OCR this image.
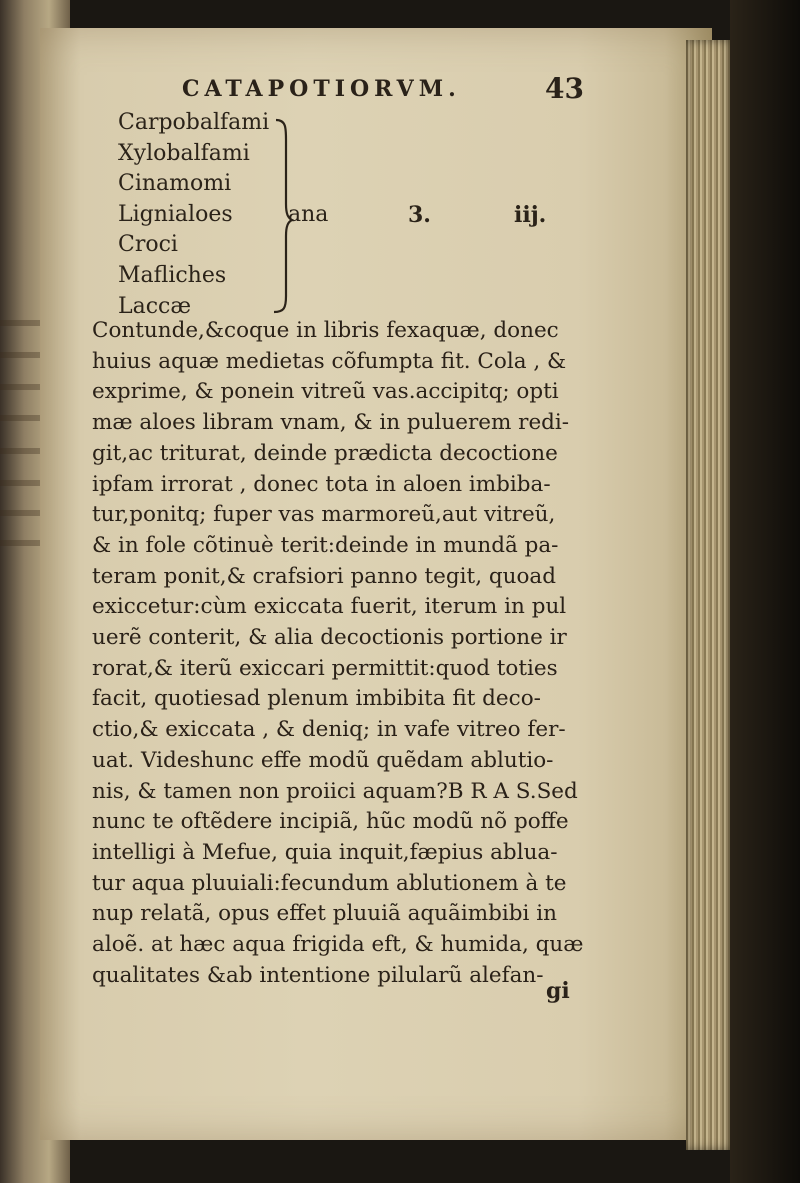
CATAPOTIORVM.	43
Carpobalfami
Xylobalfami
Cinamomi
Lignialoes
Croci
Mafliches
Laccæ
ana	3.	iij.
Contunde,&coque in libris fexaquæ, donec
huius aquæ medietas cõfumpta fit. Cola , &
exprime, & ponein vitreũ vas.accipitq; opti
mæ aloes libram vnam, & in puluerem redi-
git,ac triturat, deinde prædicta decoctione
ipfam irrorat , donec tota in aloen imbiba-
tur,ponitq; fuper vas marmoreũ,aut vitreũ,
& in fole cõtinuè terit:deinde in mundã pa-
teram ponit,& crafsiori panno tegit, quoad
exiccetur:cùm exiccata fuerit, iterum in pul
uerẽ conterit, & alia decoctionis portione ir
rorat,& iterũ exiccari permittit:quod toties
facit, quotiesad plenum imbibita fit deco-
ctio,& exiccata , & deniq; in vafe vitreo fer-
uat. Videshunc effe modũ quẽdam ablutio-
nis, & tamen non proiici aquam?B R A S.Sed
nunc te oftẽdere incipiã, hũc modũ nõ poffe
intelligi à Mefue, quia inquit,fæpius ablua-
tur aqua pluuiali:fecundum ablutionem à te
nup relatã, opus effet pluuiã aquãimbibi in
aloẽ. at hæc aqua frigida eft, & humida, quæ
qualitates &ab intentione pilularũ alefan-
gi
